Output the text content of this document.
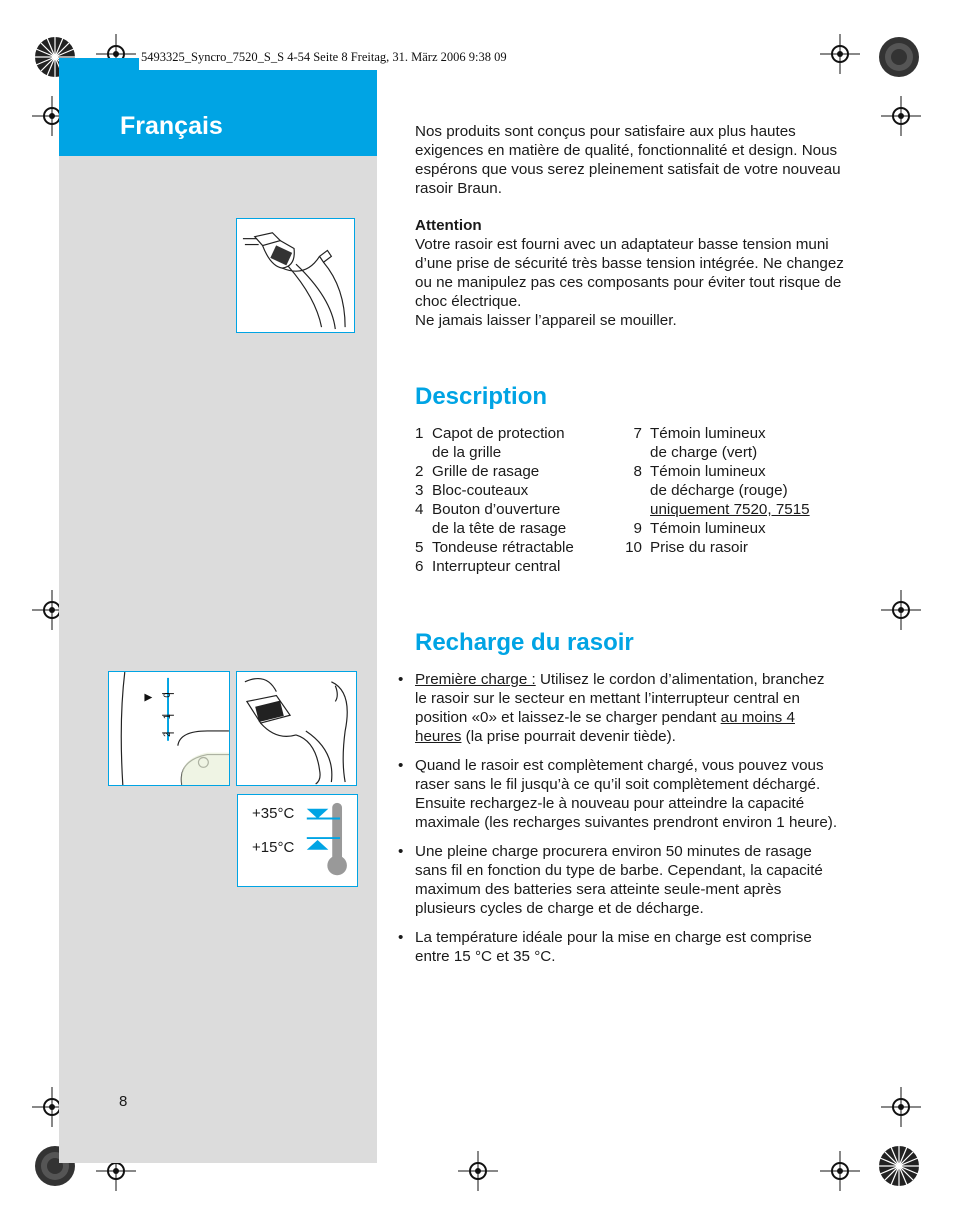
5493325_Syncro_7520_S_S 4-54 Seite 8 Freitag, 31. März 2006 9:38 09
Français
0
1
2
+35°C
+15°C
8
Nos produits sont conçus pour satisfaire aux plus hautes exigences en matière de qualité, fonctionnalité et design. Nous espérons que vous serez pleinement satisfait de votre nouveau rasoir Braun.
Attention
Votre rasoir est fourni avec un adaptateur basse tension muni d’une prise de sécurité très basse tension intégrée. Ne changez ou ne manipulez pas ces composants pour éviter tout risque de choc électrique.
Ne jamais laisser l’appareil se mouiller.
Description
1 Capot de protection
de la grille
2 Grille de rasage
3 Bloc-couteaux
4 Bouton d’ouverture
de la tête de rasage
5 Tondeuse rétractable
6 Interrupteur central
7 Témoin lumineux
de charge (vert)
8 Témoin lumineux
de décharge (rouge)
uniquement 7520, 7515
9 Témoin lumineux
10 Prise du rasoir
Recharge du rasoir
• Première charge : Utilisez le cordon d’alimentation, branchez le rasoir sur le secteur en mettant l’interrupteur central en position «0» et laissez-le se charger pendant au moins 4 heures (la prise pourrait devenir tiède).
• Quand le rasoir est complètement chargé, vous pouvez vous raser sans le fil jusqu’à ce qu’il soit complètement déchargé. Ensuite rechargez-le à nouveau pour atteindre la capacité maximale (les recharges suivantes prendront environ 1 heure).
• Une pleine charge procurera environ 50 minutes de rasage sans fil en fonction du type de barbe. Cependant, la capacité maximum des batteries sera atteinte seule-ment après plusieurs cycles de charge et de décharge.
• La température idéale pour la mise en charge est comprise entre 15 °C et 35 °C.
